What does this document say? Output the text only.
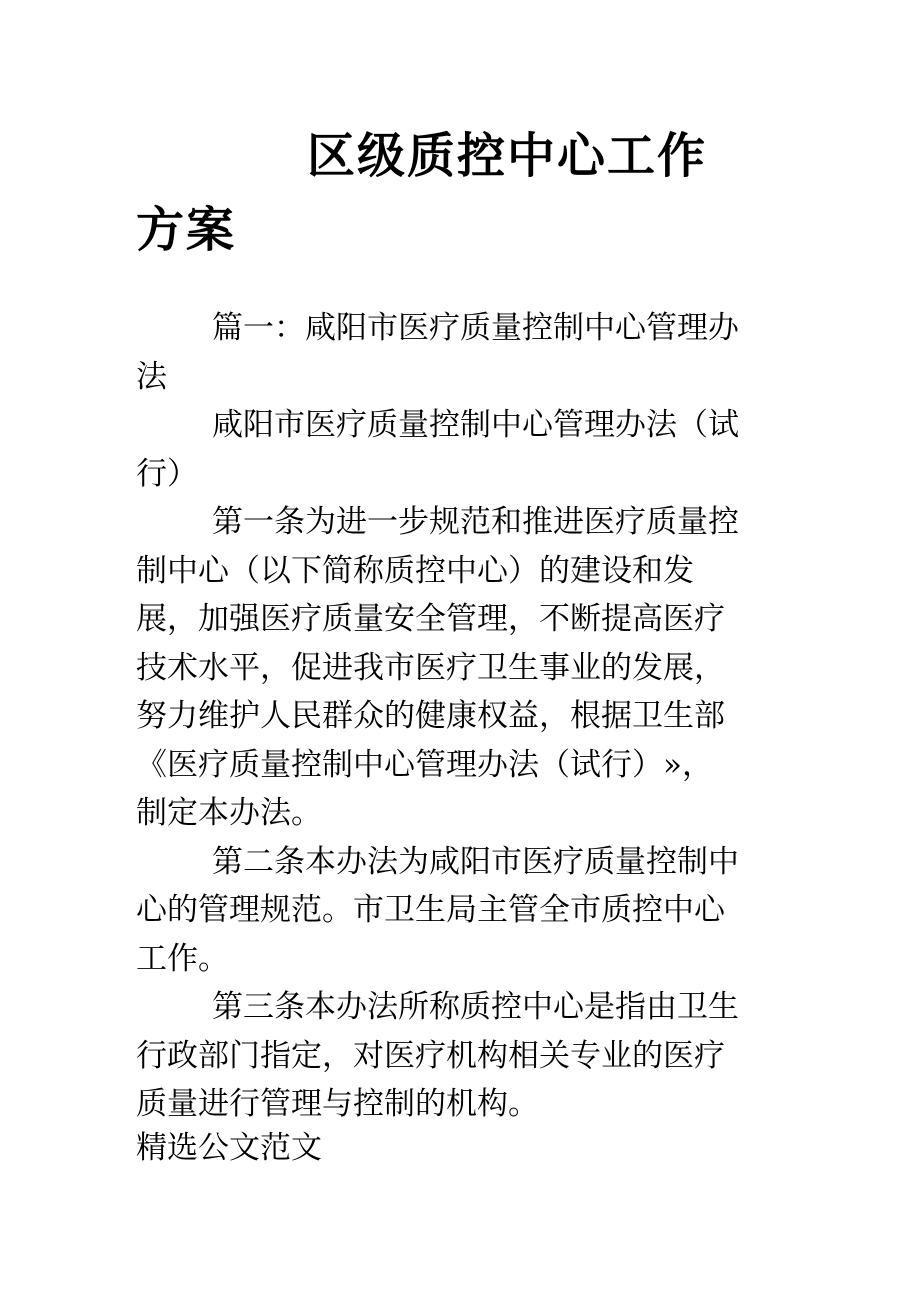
区级质控中心工作
方案

篇一：咸阳市医疗质量控制中心管理办法

咸阳市医疗质量控制中心管理办法（试行）

第一条为进一步规范和推进医疗质量控制中心（以下简称质控中心）的建设和发展，加强医疗质量安全管理，不断提高医疗技术水平，促进我市医疗卫生事业的发展，努力维护人民群众的健康权益，根据卫生部《医疗质量控制中心管理办法（试行）»，制定本办法。

第二条本办法为咸阳市医疗质量控制中心的管理规范。市卫生局主管全市质控中心工作。

第三条本办法所称质控中心是指由卫生行政部门指定，对医疗机构相关专业的医疗质量进行管理与控制的机构。

精选公文范文
